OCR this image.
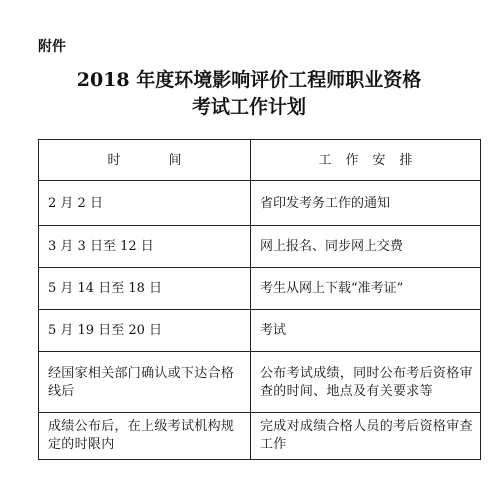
附件
2018 年度环境影响评价工程师职业资格
考试工作计划
时 间	工 作 安 排
2 月 2 日	省印发考务工作的通知
3 月 3 日至 12 日	网上报名、同步网上交费
5 月 14 日至 18 日	考生从网上下载“准考证”
5 月 19 日至 20 日	考试
经国家相关部门确认或下达合格线后	公布考试成绩，同时公布考后资格审查的时间、地点及有关要求等
成绩公布后，在上级考试机构规定的时限内	完成对成绩合格人员的考后资格审查工作
